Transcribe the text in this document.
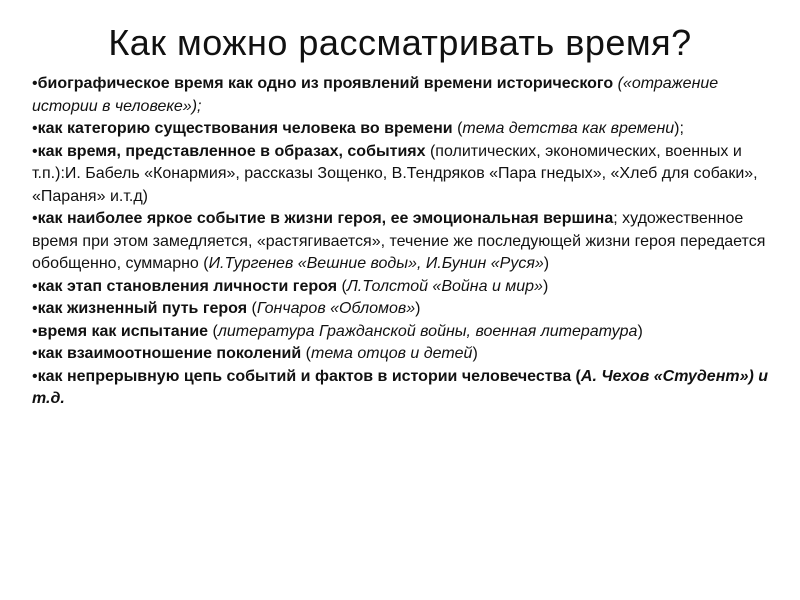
Как можно рассматривать время?
•биографическое время как одно из проявлений времени исторического («отражение истории в человеке»);
•как категорию существования человека во времени (тема детства как времени);
•как время, представленное в образах, событиях (политических, экономических, военных и т.п.):И. Бабель «Конармия», рассказы Зощенко, В.Тендряков «Пара гнедых», «Хлеб для собаки», «Параня» и.т.д)
•как наиболее яркое событие в жизни героя, ее эмоциональная вершина; художественное время при этом замедляется, «растягивается», течение же последующей жизни героя передается обобщенно, суммарно (И.Тургенев «Вешние воды», И.Бунин «Руся»)
•как этап становления личности героя (Л.Толстой «Война и мир»)
•как жизненный путь героя (Гончаров «Обломов»)
•время как испытание (литература Гражданской войны, военная литература)
•как взаимоотношение поколений (тема отцов и детей)
•как непрерывную цепь событий и фактов в истории человечества (А. Чехов «Студент») и т.д.
